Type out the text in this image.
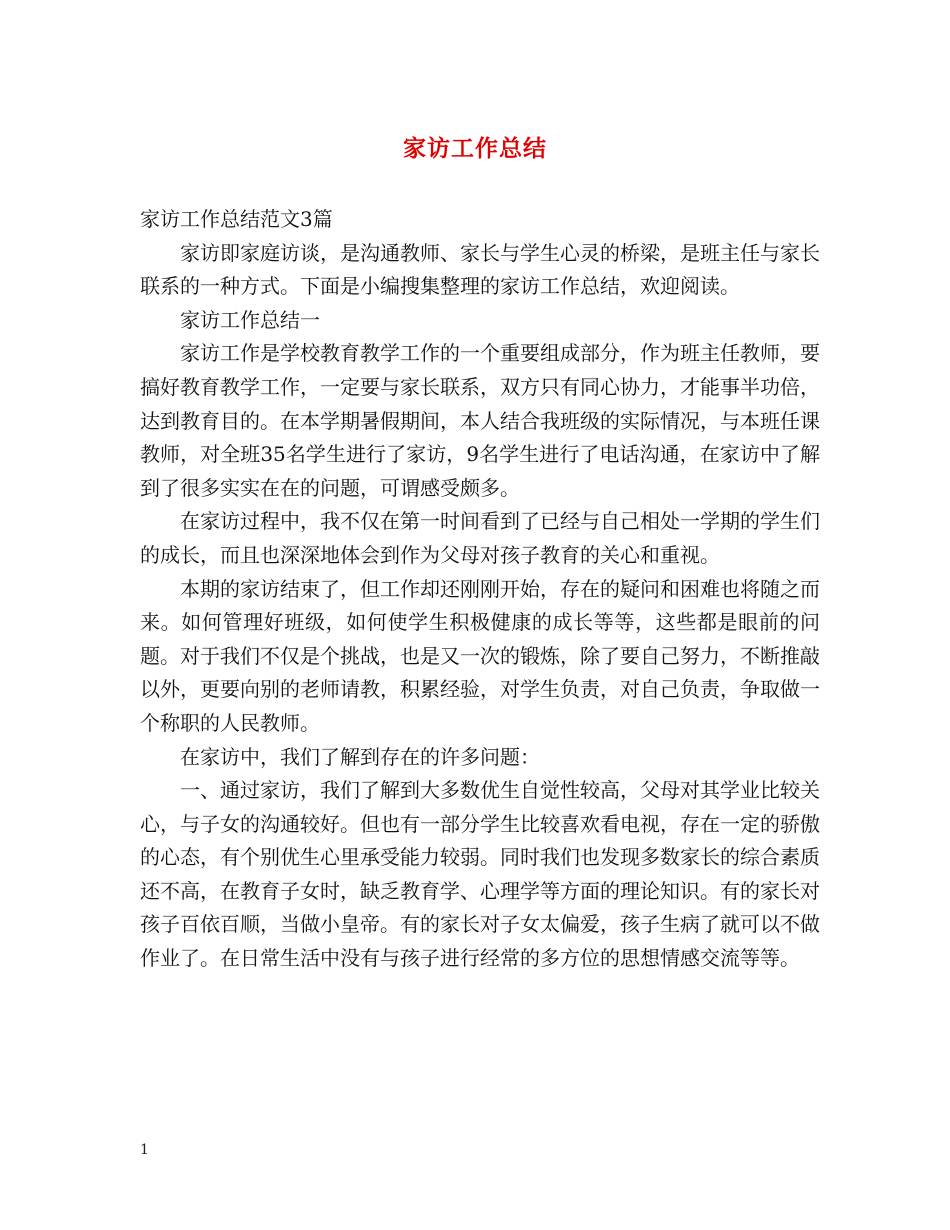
家访工作总结

家访工作总结范文3篇

家访即家庭访谈，是沟通教师、家长与学生心灵的桥梁，是班主任与家长联系的一种方式。下面是小编搜集整理的家访工作总结，欢迎阅读。

家访工作总结一

家访工作是学校教育教学工作的一个重要组成部分，作为班主任教师，要搞好教育教学工作，一定要与家长联系，双方只有同心协力，才能事半功倍，达到教育目的。在本学期暑假期间，本人结合我班级的实际情况，与本班任课教师，对全班35名学生进行了家访，9名学生进行了电话沟通，在家访中了解到了很多实实在在的问题，可谓感受颇多。

在家访过程中，我不仅在第一时间看到了已经与自己相处一学期的学生们的成长，而且也深深地体会到作为父母对孩子教育的关心和重视。

本期的家访结束了，但工作却还刚刚开始，存在的疑问和困难也将随之而来。如何管理好班级，如何使学生积极健康的成长等等，这些都是眼前的问题。对于我们不仅是个挑战，也是又一次的锻炼，除了要自己努力，不断推敲以外，更要向别的老师请教，积累经验，对学生负责，对自己负责，争取做一个称职的人民教师。

在家访中，我们了解到存在的许多问题：

一、通过家访，我们了解到大多数优生自觉性较高，父母对其学业比较关心，与子女的沟通较好。但也有一部分学生比较喜欢看电视，存在一定的骄傲的心态，有个别优生心里承受能力较弱。同时我们也发现多数家长的综合素质还不高，在教育子女时，缺乏教育学、心理学等方面的理论知识。有的家长对孩子百依百顺，当做小皇帝。有的家长对子女太偏爱，孩子生病了就可以不做作业了。在日常生活中没有与孩子进行经常的多方位的思想情感交流等等。

1
